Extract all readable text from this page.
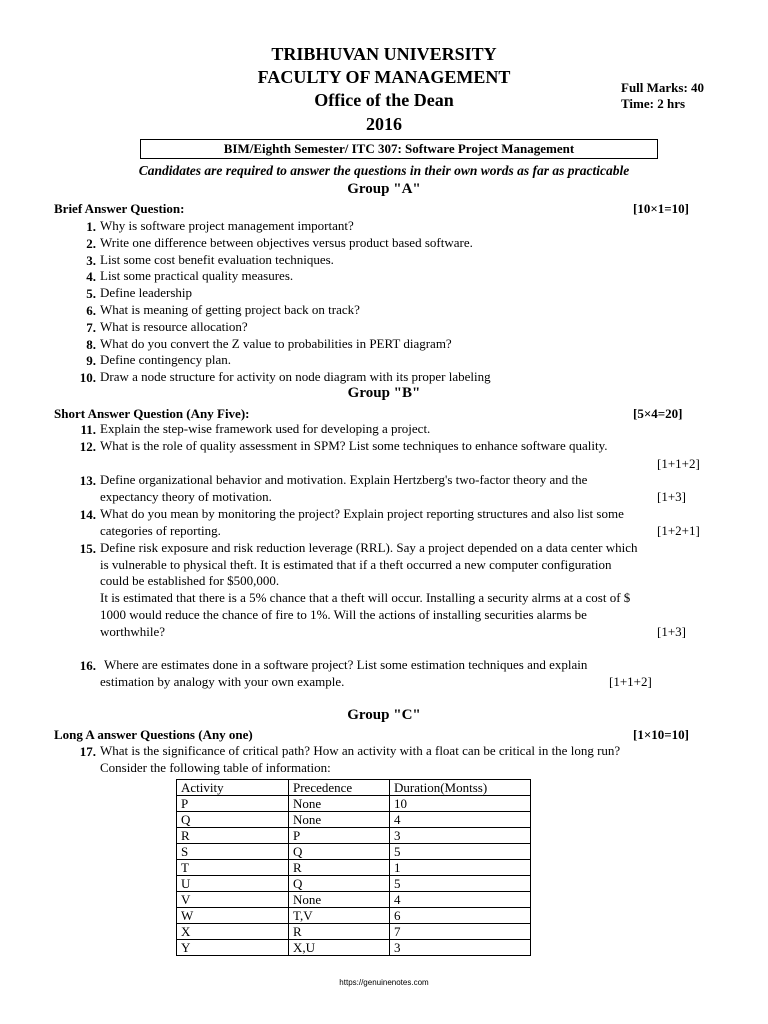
TRIBHUVAN UNIVERSITY
FACULTY OF MANAGEMENT
Office of the Dean
2016
Full Marks: 40
Time: 2 hrs
BIM/Eighth Semester/ ITC 307: Software Project Management
Candidates are required to answer the questions in their own words as far as practicable
Group "A"
Brief Answer Question:	[10×1=10]
1. Why is software project management important?
2. Write one difference between objectives versus product based software.
3. List some cost benefit evaluation techniques.
4. List some practical quality measures.
5. Define leadership
6. What is meaning of getting project back on track?
7. What is resource allocation?
8. What do you convert the Z value to probabilities in PERT diagram?
9. Define contingency plan.
10. Draw a node structure for activity on node diagram with its proper labeling
Group "B"
Short Answer Question (Any Five):	[5×4=20]
11. Explain the step-wise framework used for developing a project.
12. What is the role of quality assessment in SPM? List some techniques to enhance software quality.
[1+1+2]
13. Define organizational behavior and motivation. Explain Hertzberg's two-factor theory and the
expectancy theory of motivation.	[1+3]
14. What do you mean by monitoring the project? Explain project reporting structures and also list some
categories of reporting.	[1+2+1]
15. Define risk exposure and risk reduction leverage (RRL). Say a project depended on a data center which
is vulnerable to physical theft. It is estimated that if a theft occurred a new computer configuration
could be established for $500,000.
It is estimated that there is a 5% chance that a theft will occur. Installing a security alrms at a cost of $
1000 would reduce the chance of fire to 1%. Will the actions of installing securities alarms be
worthwhile?	[1+3]
16. Where are estimates done in a software project? List some estimation techniques and explain
estimation by analogy with your own example.	[1+1+2]
Group "C"
Long A answer Questions (Any one)	[1×10=10]
17. What is the significance of critical path? How an activity with a float can be critical in the long run?
Consider the following table of information:
Activity	Precedence	Duration(Montss)
P	None	10
Q	None	4
R	P	3
S	Q	5
T	R	1
U	Q	5
V	None	4
W	T,V	6
X	R	7
Y	X,U	3
https://genuinenotes.com
